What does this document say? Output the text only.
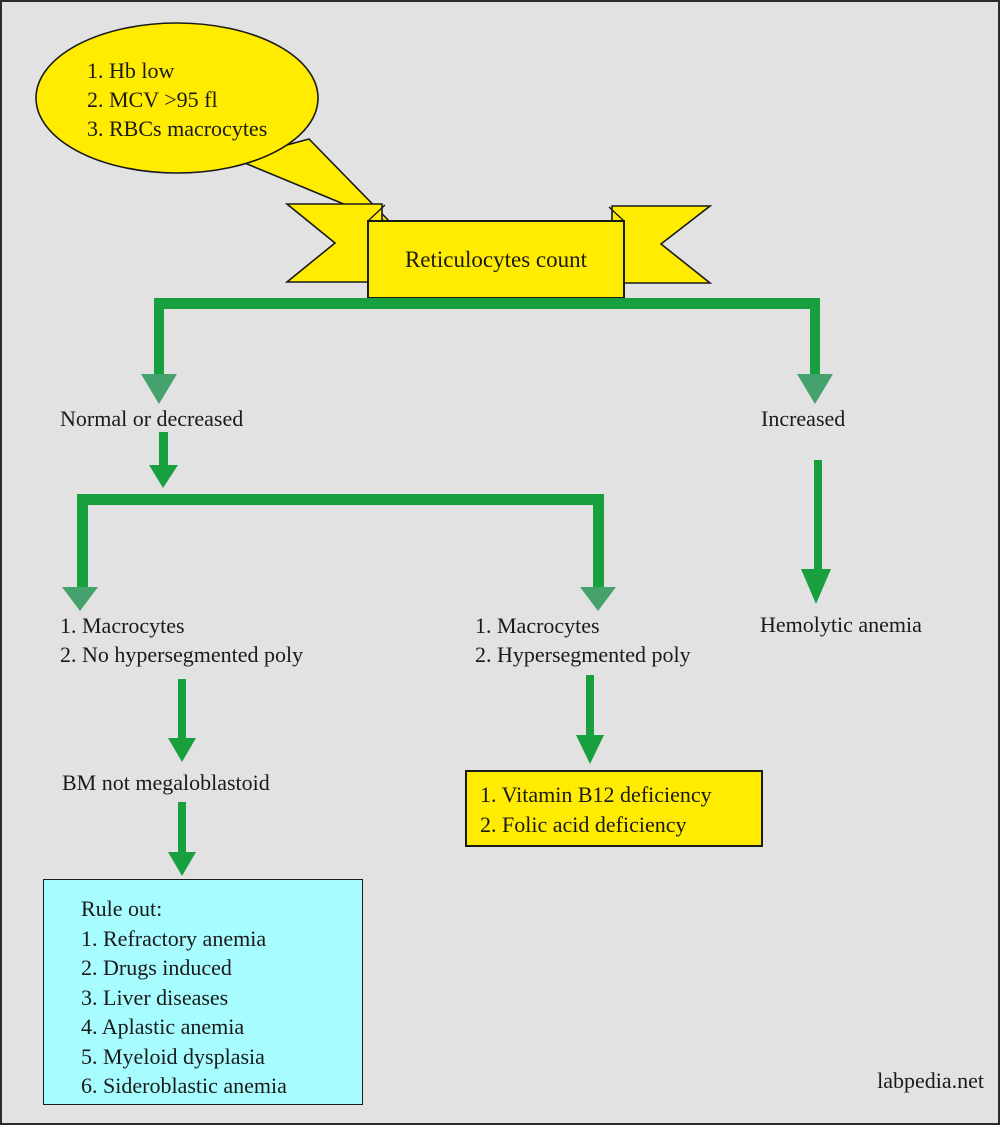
1. Hb low
2. MCV >95 fl
3. RBCs macrocytes
Reticulocytes count
Normal or decreased	Increased
Hemolytic anemia
1. Macrocytes
2. No hypersegmented poly
1. Macrocytes
2. Hypersegmented poly
BM not megaloblastoid	1. Vitamin B12 deficiency
2. Folic acid deficiency
Rule out:
1. Refractory anemia
2. Drugs induced
3. Liver diseases
4. Aplastic anemia
5. Myeloid dysplasia
6. Sideroblastic anemia	labpedia.net
